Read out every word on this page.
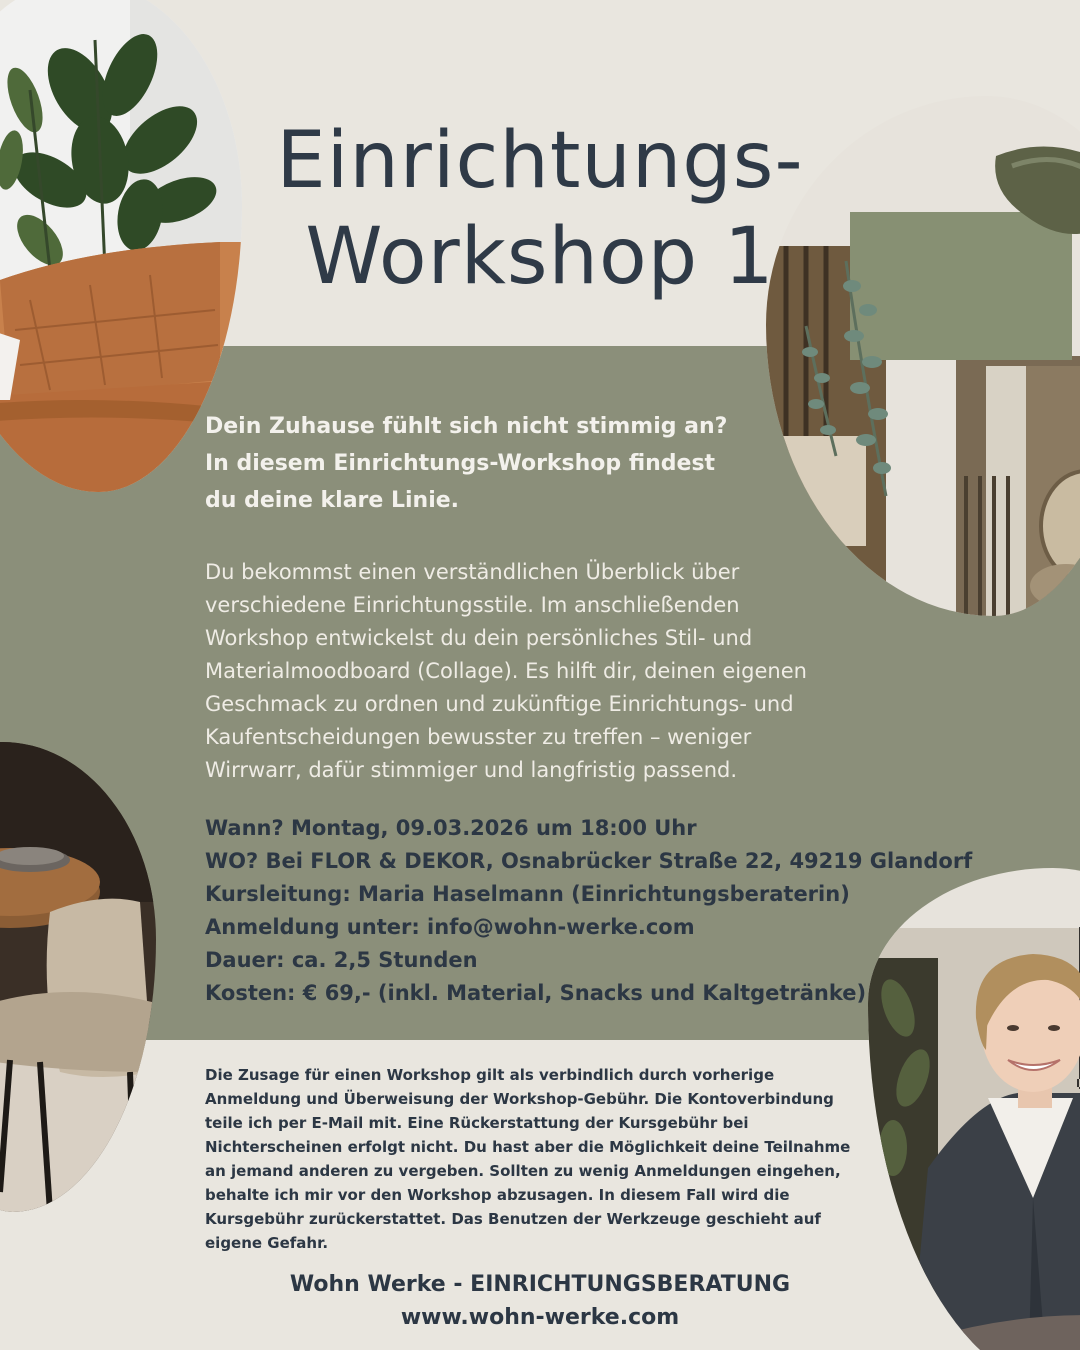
Einrichtungs-
Workshop 1
Dein Zuhause fühlt sich nicht stimmig an?
In diesem Einrichtungs-Workshop findest
du deine klare Linie.
Du bekommst einen verständlichen Überblick über
verschiedene Einrichtungsstile. Im anschließenden
Workshop entwickelst du dein persönliches Stil- und
Materialmoodboard (Collage). Es hilft dir, deinen eigenen
Geschmack zu ordnen und zukünftige Einrichtungs- und
Kaufentscheidungen bewusster zu treffen – weniger
Wirrwarr, dafür stimmiger und langfristig passend.
Wann? Montag, 09.03.2026 um 18:00 Uhr
WO? Bei FLOR & DEKOR, Osnabrücker Straße 22, 49219 Glandorf
Kursleitung: Maria Haselmann (Einrichtungsberaterin)
Anmeldung unter: info@wohn-werke.com
Dauer: ca. 2,5 Stunden
Kosten: € 69,- (inkl. Material, Snacks und Kaltgetränke)
Die Zusage für einen Workshop gilt als verbindlich durch vorherige
Anmeldung und Überweisung der Workshop-Gebühr. Die Kontoverbindung
teile ich per E-Mail mit. Eine Rückerstattung der Kursgebühr bei
Nichterscheinen erfolgt nicht. Du hast aber die Möglichkeit deine Teilnahme
an jemand anderen zu vergeben. Sollten zu wenig Anmeldungen eingehen,
behalte ich mir vor den Workshop abzusagen. In diesem Fall wird die
Kursgebühr zurückerstattet. Das Benutzen der Werkzeuge geschieht auf
eigene Gefahr.
Wohn Werke - EINRICHTUNGSBERATUNG
www.wohn-werke.com
